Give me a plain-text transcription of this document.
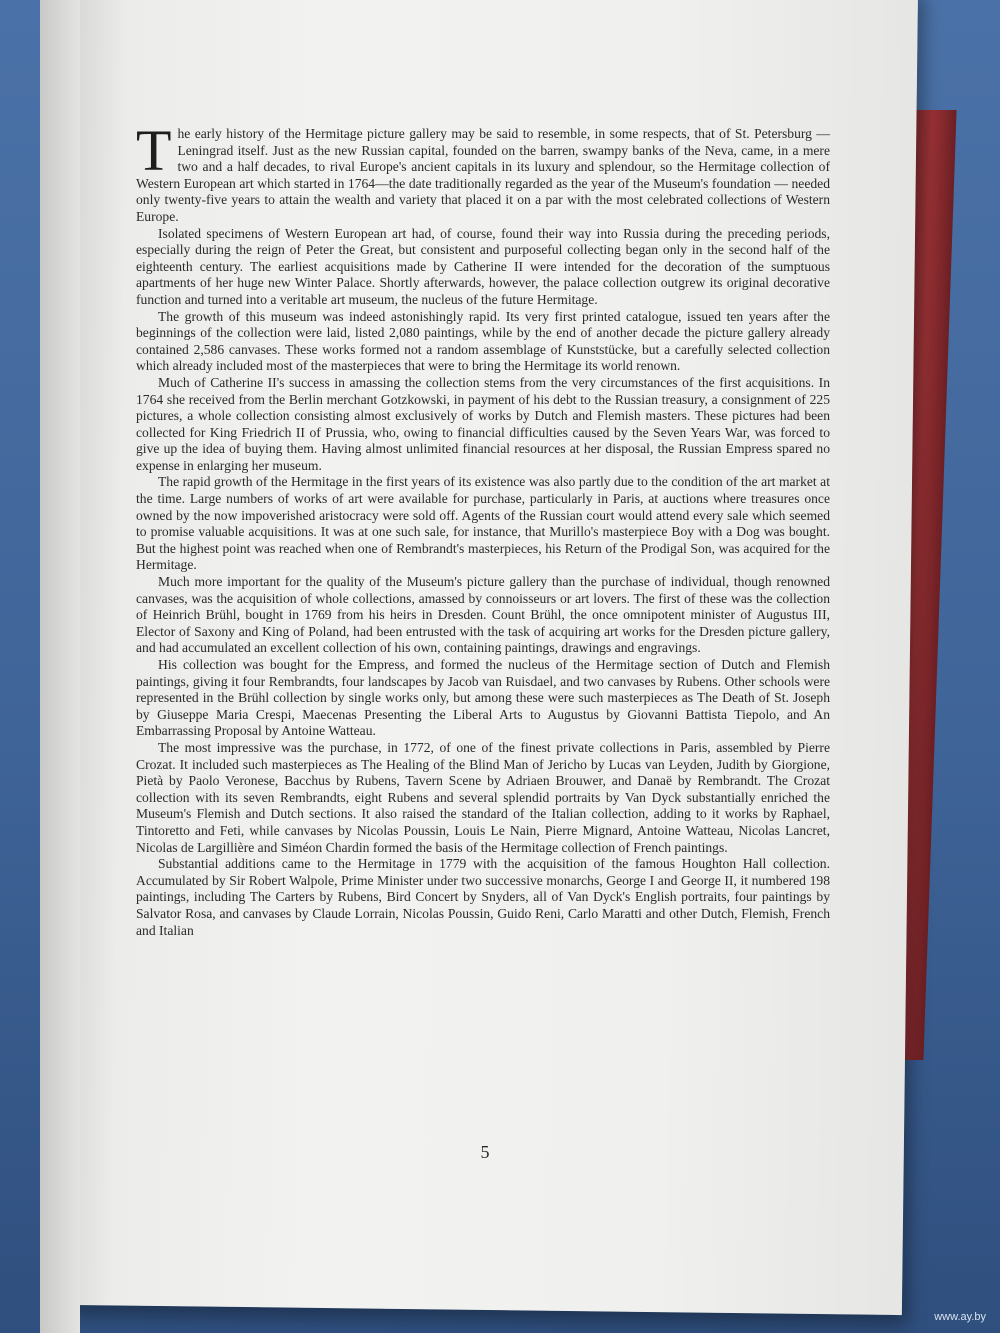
The early history of the Hermitage picture gallery may be said to resemble, in some respects, that of St. Petersburg — Leningrad itself. Just as the new Russian capital, founded on the barren, swampy banks of the Neva, came, in a mere two and a half decades, to rival Europe's ancient capitals in its luxury and splendour, so the Hermitage collection of Western European art which started in 1764—the date traditionally regarded as the year of the Museum's foundation — needed only twenty-five years to attain the wealth and variety that placed it on a par with the most celebrated collections of Western Europe.

Isolated specimens of Western European art had, of course, found their way into Russia during the preceding periods, especially during the reign of Peter the Great, but consistent and purposeful collecting began only in the second half of the eighteenth century. The earliest acquisitions made by Catherine II were intended for the decoration of the sumptuous apartments of her huge new Winter Palace. Shortly afterwards, however, the palace collection outgrew its original decorative function and turned into a veritable art museum, the nucleus of the future Hermitage.

The growth of this museum was indeed astonishingly rapid. Its very first printed catalogue, issued ten years after the beginnings of the collection were laid, listed 2,080 paintings, while by the end of another decade the picture gallery already contained 2,586 canvases. These works formed not a random assemblage of Kunststücke, but a carefully selected collection which already included most of the masterpieces that were to bring the Hermitage its world renown.

Much of Catherine II's success in amassing the collection stems from the very circumstances of the first acquisitions. In 1764 she received from the Berlin merchant Gotzkowski, in payment of his debt to the Russian treasury, a consignment of 225 pictures, a whole collection consisting almost exclusively of works by Dutch and Flemish masters. These pictures had been collected for King Friedrich II of Prussia, who, owing to financial difficulties caused by the Seven Years War, was forced to give up the idea of buying them. Having almost unlimited financial resources at her disposal, the Russian Empress spared no expense in enlarging her museum.

The rapid growth of the Hermitage in the first years of its existence was also partly due to the condition of the art market at the time. Large numbers of works of art were available for purchase, particularly in Paris, at auctions where treasures once owned by the now impoverished aristocracy were sold off. Agents of the Russian court would attend every sale which seemed to promise valuable acquisitions. It was at one such sale, for instance, that Murillo's masterpiece Boy with a Dog was bought. But the highest point was reached when one of Rembrandt's masterpieces, his Return of the Prodigal Son, was acquired for the Hermitage.

Much more important for the quality of the Museum's picture gallery than the purchase of individual, though renowned canvases, was the acquisition of whole collections, amassed by connoisseurs or art lovers. The first of these was the collection of Heinrich Brühl, bought in 1769 from his heirs in Dresden. Count Brühl, the once omnipotent minister of Augustus III, Elector of Saxony and King of Poland, had been entrusted with the task of acquiring art works for the Dresden picture gallery, and had accumulated an excellent collection of his own, containing paintings, drawings and engravings.

His collection was bought for the Empress, and formed the nucleus of the Hermitage section of Dutch and Flemish paintings, giving it four Rembrandts, four landscapes by Jacob van Ruisdael, and two canvases by Rubens. Other schools were represented in the Brühl collection by single works only, but among these were such masterpieces as The Death of St. Joseph by Giuseppe Maria Crespi, Maecenas Presenting the Liberal Arts to Augustus by Giovanni Battista Tiepolo, and An Embarrassing Proposal by Antoine Watteau.

The most impressive was the purchase, in 1772, of one of the finest private collections in Paris, assembled by Pierre Crozat. It included such masterpieces as The Healing of the Blind Man of Jericho by Lucas van Leyden, Judith by Giorgione, Pietà by Paolo Veronese, Bacchus by Rubens, Tavern Scene by Adriaen Brouwer, and Danaë by Rembrandt. The Crozat collection with its seven Rembrandts, eight Rubens and several splendid portraits by Van Dyck substantially enriched the Museum's Flemish and Dutch sections. It also raised the standard of the Italian collection, adding to it works by Raphael, Tintoretto and Feti, while canvases by Nicolas Poussin, Louis Le Nain, Pierre Mignard, Antoine Watteau, Nicolas Lancret, Nicolas de Largillière and Siméon Chardin formed the basis of the Hermitage collection of French paintings.

Substantial additions came to the Hermitage in 1779 with the acquisition of the famous Houghton Hall collection. Accumulated by Sir Robert Walpole, Prime Minister under two successive monarchs, George I and George II, it numbered 198 paintings, including The Carters by Rubens, Bird Concert by Snyders, all of Van Dyck's English portraits, four paintings by Salvator Rosa, and canvases by Claude Lorrain, Nicolas Poussin, Guido Reni, Carlo Maratti and other Dutch, Flemish, French and Italian

5
www.ay.by
